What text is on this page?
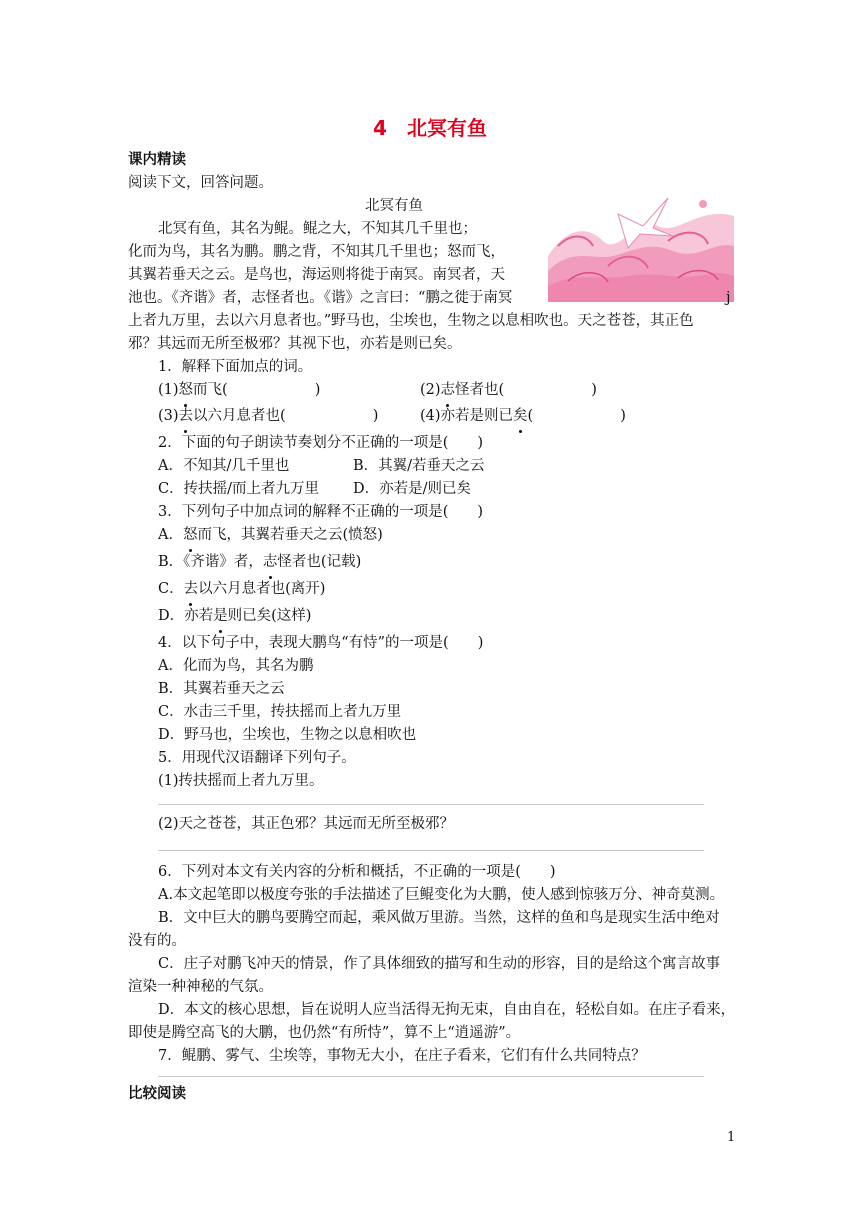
4　北冥有鱼
课内精读
阅读下文，回答问题。
北冥有鱼
北冥有鱼，其名为鲲。鲲之大，不知其几千里也；
化而为鸟，其名为鹏。鹏之背，不知其几千里也；怒而飞，
其翼若垂天之云。是鸟也，海运则将徙于南冥。南冥者，天
池也。《齐谐》者，志怪者也。《谐》之言曰：“鹏之徙于南冥	j
上者九万里，去以六月息者也。”野马也，尘埃也，生物之以息相吹也。天之苍苍，其正色
邪？其远而无所至极邪？其视下也，亦若是则已矣。
1．解释下面加点的词。
(1)怒而飞(　　　　　　)	(2)志怪者也(　　　　　　)
(3)去以六月息者也(　　　　　　)	(4)亦若是则已矣(　　　　　　)
2．下面的句子朗读节奏划分不正确的一项是(　　)
A．不知其/几千里也	B．其翼/若垂天之云
C．抟扶摇/而上者九万里 D．亦若是/则已矣
3．下列句子中加点词的解释不正确的一项是(　　)
A．怒而飞，其翼若垂天之云(愤怒)
B．《齐谐》者，志怪者也(记载)
C．去以六月息者也(离开)
D．亦若是则已矣(这样)
4．以下句子中，表现大鹏鸟“有恃”的一项是(　　)
A．化而为鸟，其名为鹏
B．其翼若垂天之云
C．水击三千里，抟扶摇而上者九万里
D．野马也，尘埃也，生物之以息相吹也
5．用现代汉语翻译下列句子。
(1)抟扶摇而上者九万里。
(2)天之苍苍，其正色邪？其远而无所至极邪？
6．下列对本文有关内容的分析和概括，不正确的一项是(　　)
A.本文起笔即以极度夸张的手法描述了巨鲲变化为大鹏，使人感到惊骇万分、神奇莫测。
B．文中巨大的鹏鸟要腾空而起，乘风做万里游。当然，这样的鱼和鸟是现实生活中绝对
没有的。
C．庄子对鹏飞冲天的情景，作了具体细致的描写和生动的形容，目的是给这个寓言故事
渲染一种神秘的气氛。
D．本文的核心思想，旨在说明人应当活得无拘无束，自由自在，轻松自如。在庄子看来，
即使是腾空高飞的大鹏，也仍然“有所恃”，算不上“逍遥游”。
7．鲲鹏、雾气、尘埃等，事物无大小，在庄子看来，它们有什么共同特点？
比较阅读
1
